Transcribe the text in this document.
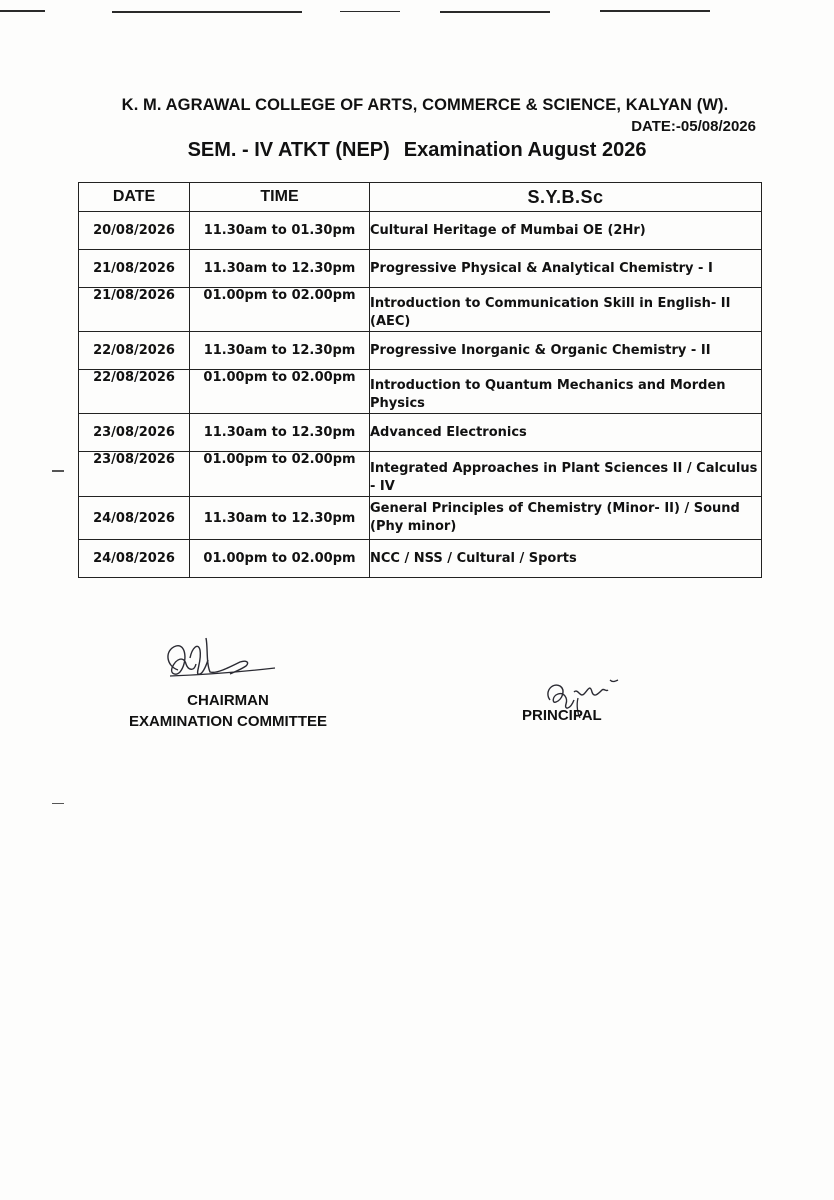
K. M. AGRAWAL COLLEGE OF ARTS, COMMERCE & SCIENCE, KALYAN (W).
DATE:-05/08/2026
SEM. - IV ATKT (NEP) Examination August 2026
DATE	TIME	S.Y.B.Sc
20/08/2026	11.30am to 01.30pm	Cultural Heritage of Mumbai OE (2Hr)
21/08/2026	11.30am to 12.30pm	Progressive Physical & Analytical Chemistry - I
21/08/2026	01.00pm to 02.00pm	Introduction to Communication Skill in English- II (AEC)
22/08/2026	11.30am to 12.30pm	Progressive Inorganic & Organic Chemistry - II
22/08/2026	01.00pm to 02.00pm	Introduction to Quantum Mechanics and Morden Physics
23/08/2026	11.30am to 12.30pm	Advanced Electronics
23/08/2026	01.00pm to 02.00pm	Integrated Approaches in Plant Sciences II / Calculus - IV
24/08/2026	11.30am to 12.30pm	General Principles of Chemistry (Minor- II) / Sound (Phy minor)
24/08/2026	01.00pm to 02.00pm	NCC / NSS / Cultural / Sports
CHAIRMAN
EXAMINATION COMMITTEE	PRINCIPAL
